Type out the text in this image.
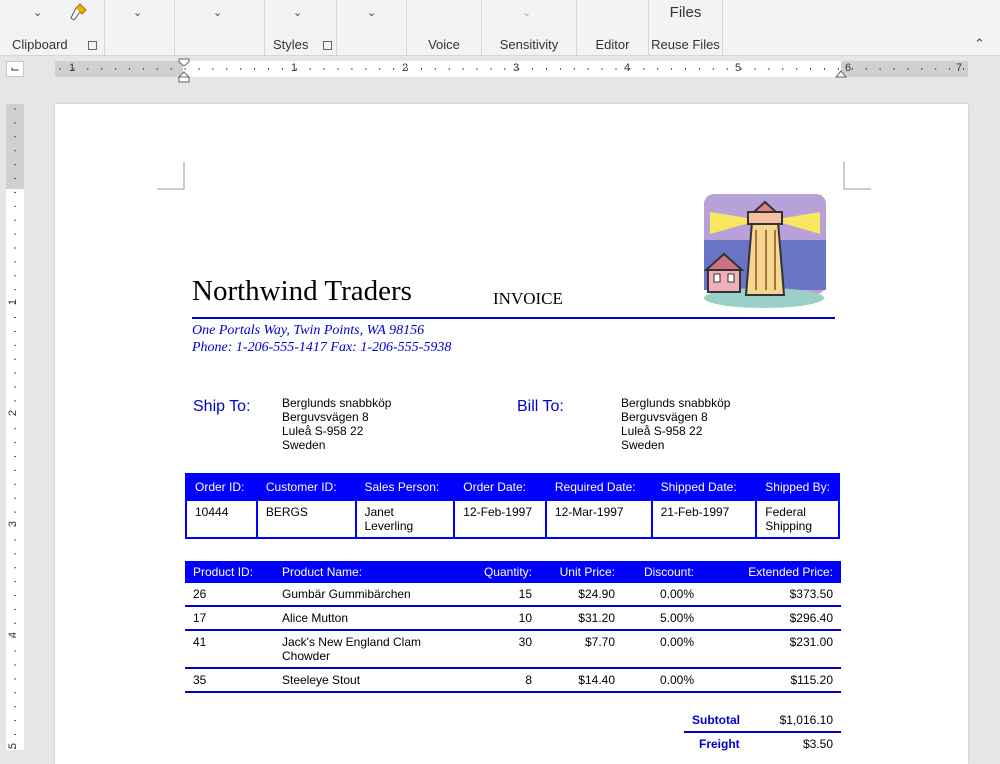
⌄
Clipboard
⌄	⌄	⌄
Styles
⌄
Voice
⌄
Sensitivity	Editor
Files
Reuse Files	⌃
⌙	1	1	2	3	4	5	6	7
1
2
3
4
5
Northwind Traders	INVOICE
One Portals Way, Twin Points, WA 98156
Phone: 1-206-555-1417 Fax: 1-206-555-5938
Ship To:	Berglunds snabbköp
Berguvsvägen 8
Luleå S-958 22
Sweden
Bill To:	Berglunds snabbköp
Berguvsvägen 8
Luleå S-958 22
Sweden
Order ID:	Customer ID:	Sales Person:	Order Date:	Required Date:	Shipped Date:	Shipped By:
10444	BERGS	Janet Leverling	12-Feb-1997	12-Mar-1997	21-Feb-1997	Federal Shipping
Product ID:	Product Name:	Quantity:	Unit Price:	Discount:	Extended Price:
26	Gumbär Gummibärchen	15	$24.90	0.00%	$373.50
17	Alice Mutton	10	$31.20	5.00%	$296.40
41	Jack's New England Clam Chowder	30	$7.70	0.00%	$231.00
35	Steeleye Stout	8	$14.40	0.00%	$115.20
Subtotal	$1,016.10
Freight	$3.50
